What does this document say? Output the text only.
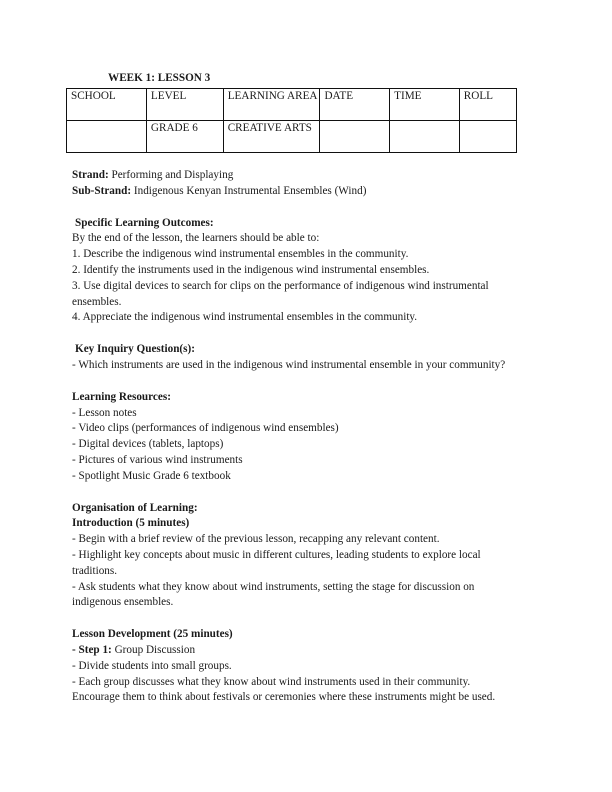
WEEK 1: LESSON 3
SCHOOL	LEVEL	LEARNING AREA	DATE	TIME	ROLL
	GRADE 6	CREATIVE ARTS			
Strand: Performing and Displaying
Sub-Strand: Indigenous Kenyan Instrumental Ensembles (Wind)
Specific Learning Outcomes:
By the end of the lesson, the learners should be able to:
1. Describe the indigenous wind instrumental ensembles in the community.
2. Identify the instruments used in the indigenous wind instrumental ensembles.
3. Use digital devices to search for clips on the performance of indigenous wind instrumental ensembles.
4. Appreciate the indigenous wind instrumental ensembles in the community.
Key Inquiry Question(s):
- Which instruments are used in the indigenous wind instrumental ensemble in your community?
Learning Resources:
- Lesson notes
- Video clips (performances of indigenous wind ensembles)
- Digital devices (tablets, laptops)
- Pictures of various wind instruments
- Spotlight Music Grade 6 textbook
Organisation of Learning:
Introduction (5 minutes)
- Begin with a brief review of the previous lesson, recapping any relevant content.
- Highlight key concepts about music in different cultures, leading students to explore local traditions.
- Ask students what they know about wind instruments, setting the stage for discussion on indigenous ensembles.
Lesson Development (25 minutes)
- Step 1: Group Discussion
- Divide students into small groups.
- Each group discusses what they know about wind instruments used in their community. Encourage them to think about festivals or ceremonies where these instruments might be used.
